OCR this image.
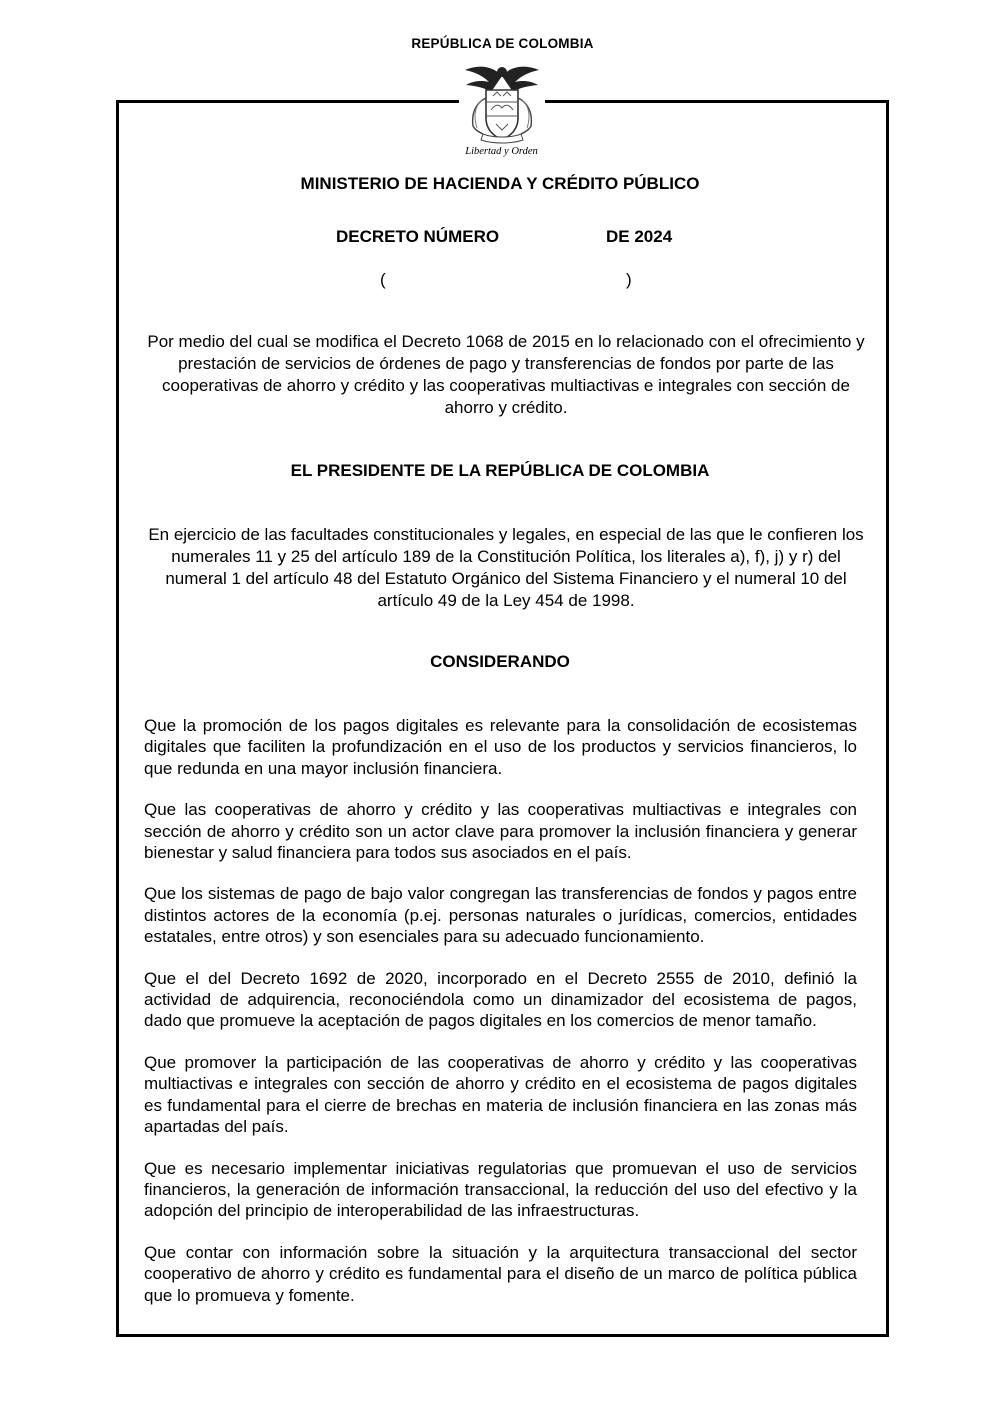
REPÚBLICA DE COLOMBIA
Libertad y Orden
MINISTERIO DE HACIENDA Y CRÉDITO PÚBLICO
DECRETO NÚMERO	DE 2024
(	)
Por medio del cual se modifica el Decreto 1068 de 2015 en lo relacionado con el ofrecimiento y prestación de servicios de órdenes de pago y transferencias de fondos por parte de las cooperativas de ahorro y crédito y las cooperativas multiactivas e integrales con sección de ahorro y crédito.
EL PRESIDENTE DE LA REPÚBLICA DE COLOMBIA
En ejercicio de las facultades constitucionales y legales, en especial de las que le confieren los numerales 11 y 25 del artículo 189 de la Constitución Política, los literales a), f), j) y r) del numeral 1 del artículo 48 del Estatuto Orgánico del Sistema Financiero y el numeral 10 del artículo 49 de la Ley 454 de 1998.
CONSIDERANDO

Que la promoción de los pagos digitales es relevante para la consolidación de ecosistemas digitales que faciliten la profundización en el uso de los productos y servicios financieros, lo que redunda en una mayor inclusión financiera.

Que las cooperativas de ahorro y crédito y las cooperativas multiactivas e integrales con sección de ahorro y crédito son un actor clave para promover la inclusión financiera y generar bienestar y salud financiera para todos sus asociados en el país.

Que los sistemas de pago de bajo valor congregan las transferencias de fondos y pagos entre distintos actores de la economía (p.ej. personas naturales o jurídicas, comercios, entidades estatales, entre otros) y son esenciales para su adecuado funcionamiento.

Que el del Decreto 1692 de 2020, incorporado en el Decreto 2555 de 2010, definió la actividad de adquirencia, reconociéndola como un dinamizador del ecosistema de pagos, dado que promueve la aceptación de pagos digitales en los comercios de menor tamaño.

Que promover la participación de las cooperativas de ahorro y crédito y las cooperativas multiactivas e integrales con sección de ahorro y crédito en el ecosistema de pagos digitales es fundamental para el cierre de brechas en materia de inclusión financiera en las zonas más apartadas del país.

Que es necesario implementar iniciativas regulatorias que promuevan el uso de servicios financieros, la generación de información transaccional, la reducción del uso del efectivo y la adopción del principio de interoperabilidad de las infraestructuras.

Que contar con información sobre la situación y la arquitectura transaccional del sector cooperativo de ahorro y crédito es fundamental para el diseño de un marco de política pública que lo promueva y fomente.
